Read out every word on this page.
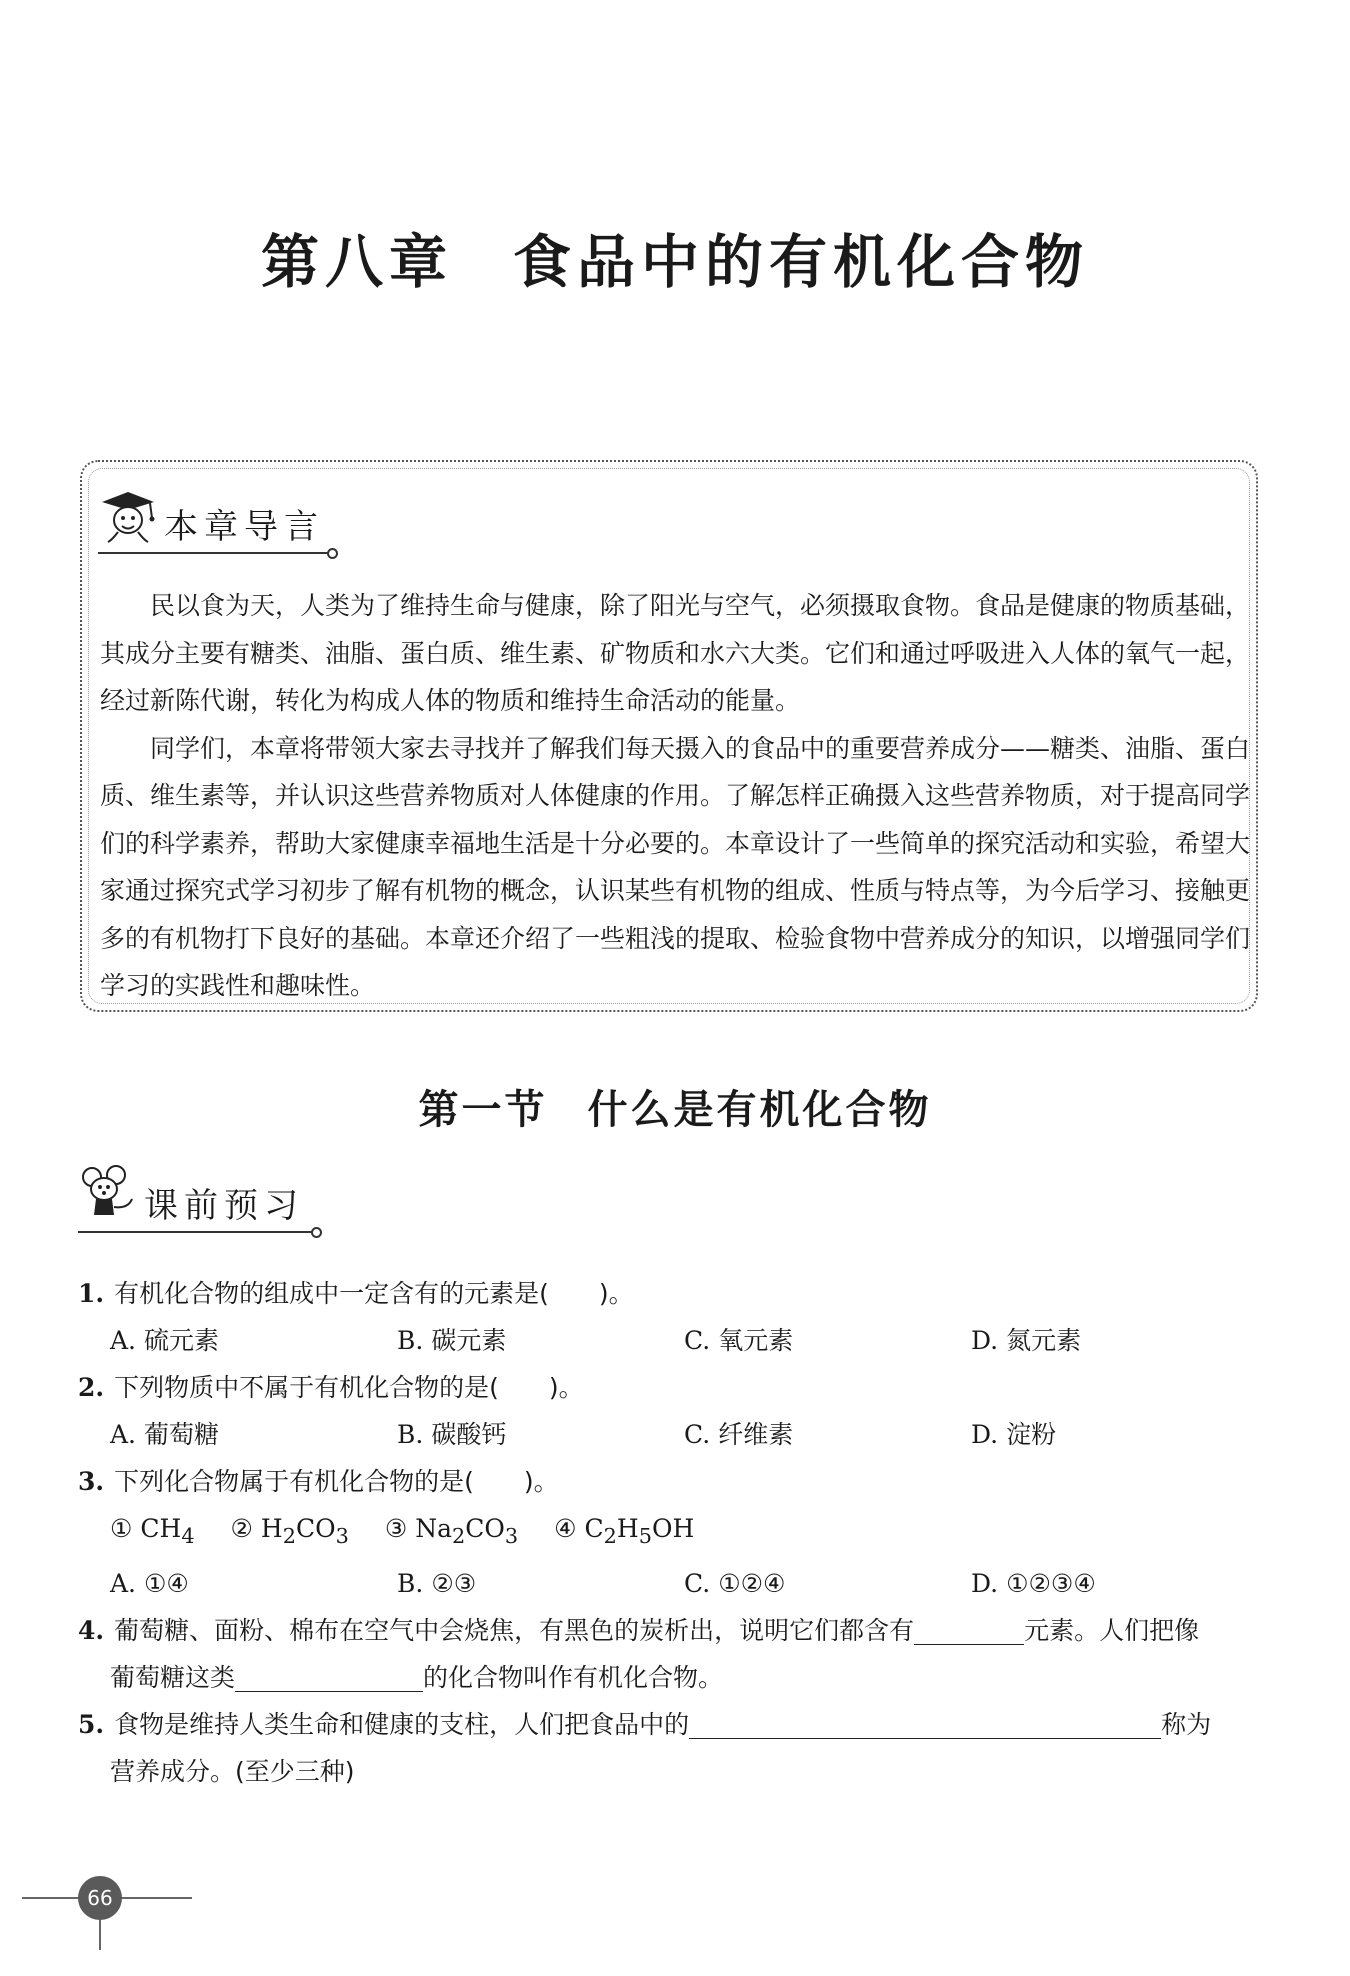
第八章 食品中的有机化合物
本章导言

民以食为天，人类为了维持生命与健康，除了阳光与空气，必须摄取食物。食品是健康的物质基础，其成分主要有糖类、油脂、蛋白质、维生素、矿物质和水六大类。它们和通过呼吸进入人体的氧气一起，经过新陈代谢，转化为构成人体的物质和维持生命活动的能量。

同学们，本章将带领大家去寻找并了解我们每天摄入的食品中的重要营养成分——糖类、油脂、蛋白质、维生素等，并认识这些营养物质对人体健康的作用。了解怎样正确摄入这些营养物质，对于提高同学们的科学素养，帮助大家健康幸福地生活是十分必要的。本章设计了一些简单的探究活动和实验，希望大家通过探究式学习初步了解有机物的概念，认识某些有机物的组成、性质与特点等，为今后学习、接触更多的有机物打下良好的基础。本章还介绍了一些粗浅的提取、检验食物中营养成分的知识，以增强同学们学习的实践性和趣味性。

第一节 什么是有机化合物
课前预习
1. 有机化合物的组成中一定含有的元素是(　　)。
A. 硫元素	B. 碳元素	C. 氧元素	D. 氮元素
2. 下列物质中不属于有机化合物的是(　　)。
A. 葡萄糖	B. 碳酸钙	C. 纤维素	D. 淀粉
3. 下列化合物属于有机化合物的是(　　)。
① $CH_4$ ② $H_2CO_3$ ③ $Na_2CO_3$ ④ $C_2H_5OH$
A. ①④	B. ②③	C. ①②④	D. ①②③④
4. 葡萄糖、面粉、棉布在空气中会烧焦，有黑色的炭析出，说明它们都含有	元素。人们把像
葡萄糖这类	的化合物叫作有机化合物。
5. 食物是维持人类生命和健康的支柱，人们把食品中的	称为
营养成分。(至少三种)
66
